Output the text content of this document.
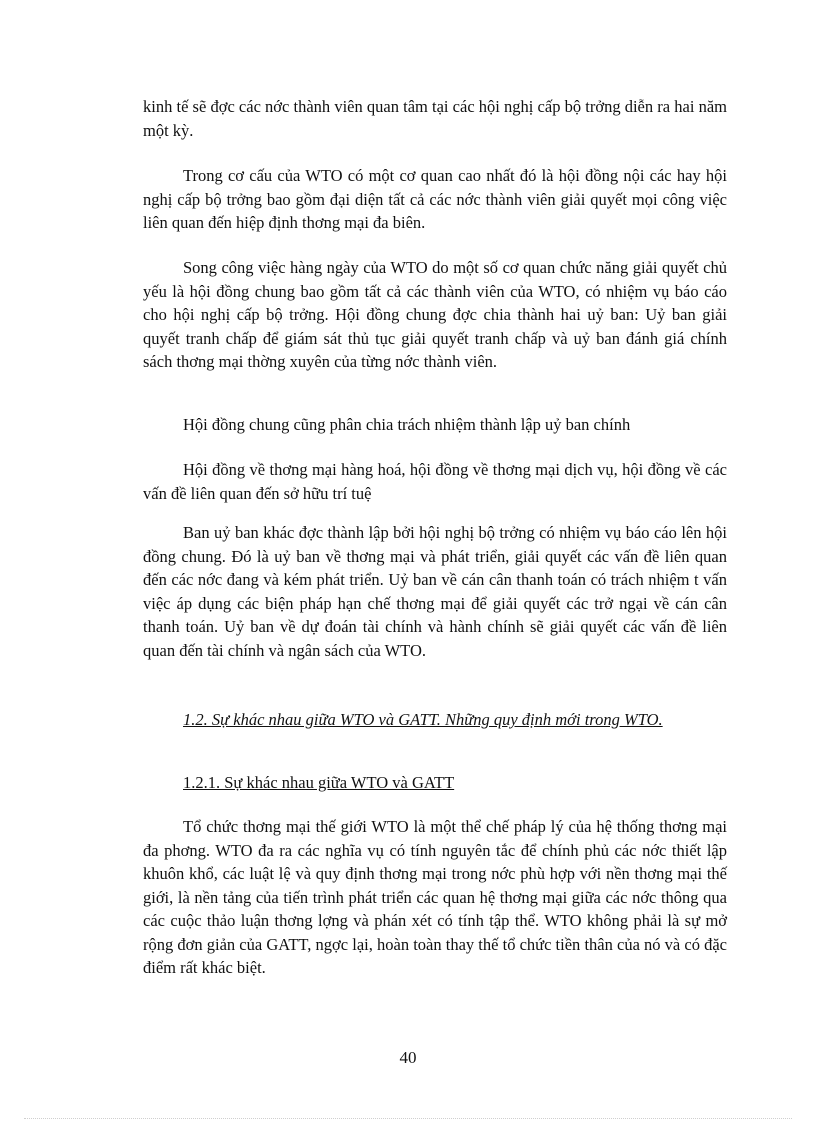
kinh tế sẽ đợc các nớc thành viên quan tâm tại các hội nghị cấp bộ trởng diễn ra hai năm một kỳ.

Trong cơ cấu của WTO có một cơ quan cao nhất đó là hội đồng nội các hay hội nghị cấp bộ trởng bao gồm đại diện tất cả các nớc thành viên giải quyết mọi công việc liên quan đến hiệp định thơng mại đa biên.

Song công việc hàng ngày của WTO do một số cơ quan chức năng giải quyết chủ yếu là hội đồng chung bao gồm tất cả các thành viên của WTO, có nhiệm vụ báo cáo cho hội nghị cấp bộ trởng. Hội đồng chung đợc chia thành hai uỷ ban: Uỷ ban giải quyết tranh chấp để giám sát thủ tục giải quyết tranh chấp và uỷ ban đánh giá chính sách thơng mại thờng xuyên của từng nớc thành viên.

Hội đồng chung cũng phân chia trách nhiệm thành lập uỷ ban chính

Hội đồng về thơng mại hàng hoá, hội đồng về thơng mại dịch vụ, hội đồng về các vấn đề liên quan đến sở hữu trí tuệ

Ban uỷ ban khác đợc thành lập bởi hội nghị bộ trởng có nhiệm vụ báo cáo lên hội đồng chung. Đó là uỷ ban về thơng mại và phát triển, giải quyết các vấn đề liên quan đến các nớc đang và kém phát triển. Uỷ ban về cán cân thanh toán có trách nhiệm t vấn việc áp dụng các biện pháp hạn chế thơng mại để giải quyết các trở ngại về cán cân thanh toán. Uỷ ban về dự đoán tài chính và hành chính sẽ giải quyết các vấn đề liên quan đến tài chính và ngân sách của WTO.

1.2. Sự khác nhau giữa WTO và GATT. Những quy định mới trong WTO.

1.2.1. Sự khác nhau giữa WTO và GATT

Tổ chức thơng mại thế giới WTO là một thể chế pháp lý của hệ thống thơng mại đa phơng. WTO đa ra các nghĩa vụ có tính nguyên tắc để chính phủ các nớc thiết lập khuôn khổ, các luật lệ và quy định thơng mại trong nớc phù hợp với nền thơng mại thế giới, là nền tảng của tiến trình phát triển các quan hệ thơng mại giữa các nớc thông qua các cuộc thảo luận thơng lợng và phán xét có tính tập thể. WTO không phải là sự mở rộng đơn giản của GATT, ngợc lại, hoàn toàn thay thế tổ chức tiền thân của nó và có đặc điểm rất khác biệt.

40
